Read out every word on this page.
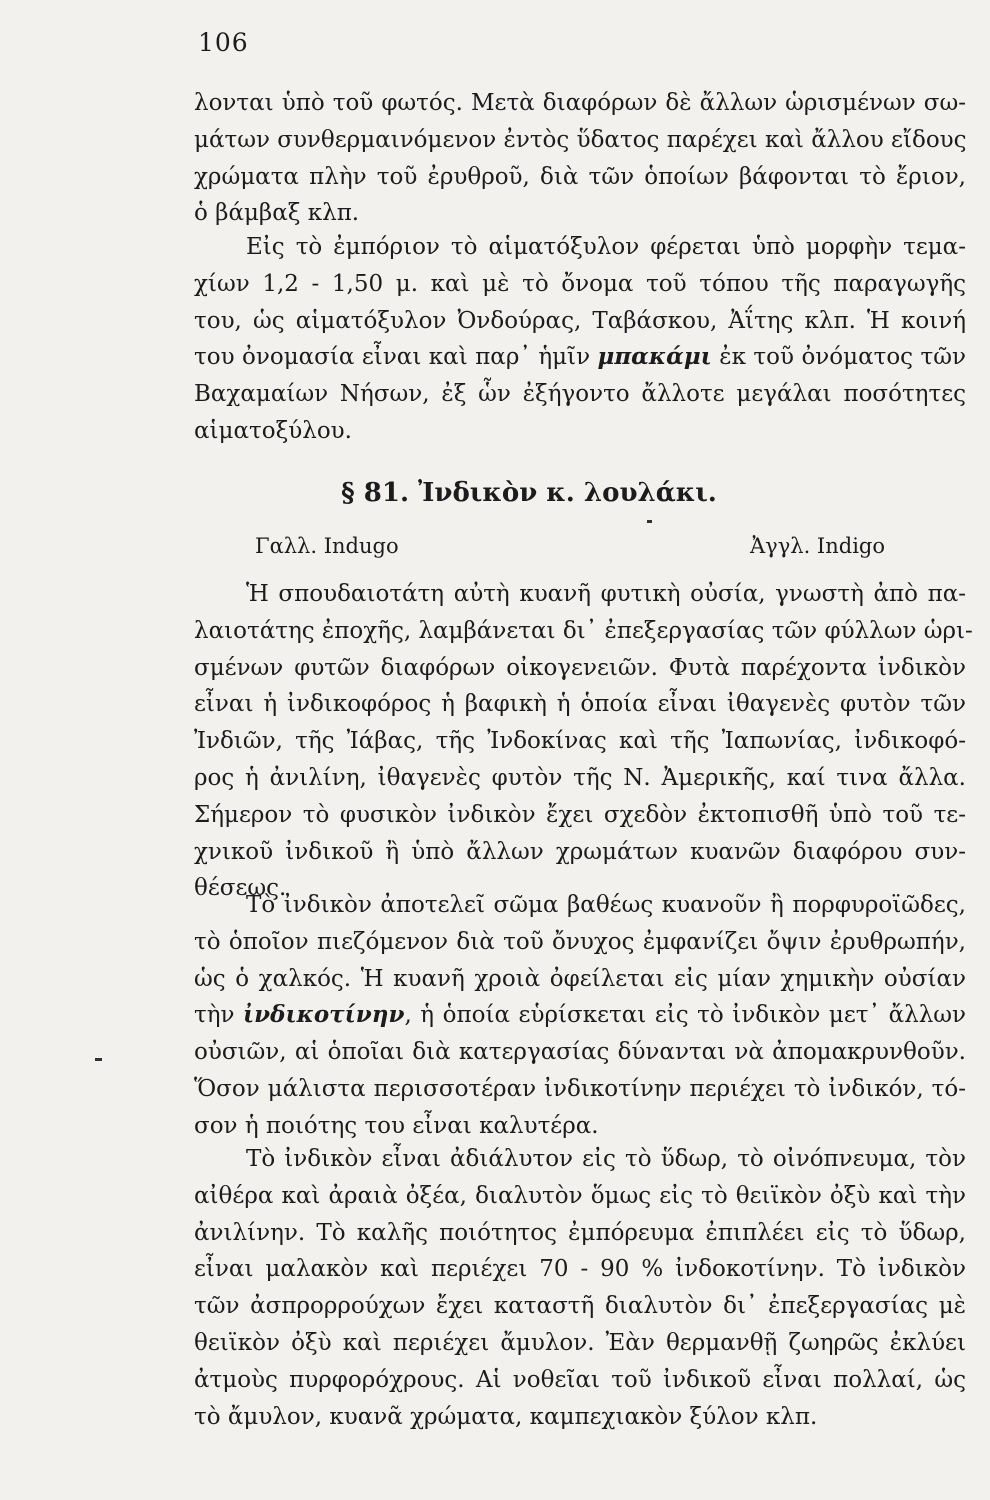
106
λονται ὑπὸ τοῦ φωτός. Μετὰ διαφόρων δὲ ἄλλων ὡρισμένων σω-
μάτων συνθερμαινόμενον ἐντὸς ὕδατος παρέχει καὶ ἄλλου εἴδους
χρώματα πλὴν τοῦ ἐρυθροῦ, διὰ τῶν ὁποίων βάφονται τὸ ἔριον,
ὁ βάμβαξ κλπ.
Εἰς τὸ ἐμπόριον τὸ αἱματόξυλον φέρεται ὑπὸ μορφὴν τεμα-
χίων 1,2 - 1,50 μ. καὶ μὲ τὸ ὄνομα τοῦ τόπου τῆς παραγωγῆς
του, ὡς αἱματόξυλον Ὀνδούρας, Ταβάσκου, Ἀΐτης κλπ. Ἡ κοινή
του ὀνομασία εἶναι καὶ παρ᾽ ἡμῖν μπακάμι ἐκ τοῦ ὀνόματος τῶν
Βαχαμαίων Νήσων, ἐξ ὧν ἐξήγοντο ἄλλοτε μεγάλαι ποσότητες
αἱματοξύλου.
§ 81. Ἰνδικὸν κ. λουλάκι.
Γαλλ. Indugo	Ἀγγλ. Indigo
Ἡ σπουδαιοτάτη αὐτὴ κυανῆ φυτικὴ οὐσία, γνωστὴ ἀπὸ πα-
λαιοτάτης ἐποχῆς, λαμβάνεται δι᾽ ἐπεξεργασίας τῶν φύλλων ὡρι-
σμένων φυτῶν διαφόρων οἰκογενειῶν. Φυτὰ παρέχοντα ἰνδικὸν
εἶναι ἡ ἰνδικοφόρος ἡ βαφικὴ ἡ ὁποία εἶναι ἰθαγενὲς φυτὸν τῶν
Ἰνδιῶν, τῆς Ἰάβας, τῆς Ἰνδοκίνας καὶ τῆς Ἰαπωνίας, ἰνδικοφό-
ρος ἡ ἀνιλίνη, ἰθαγενὲς φυτὸν τῆς Ν. Ἀμερικῆς, καί τινα ἄλλα.
Σήμερον τὸ φυσικὸν ἰνδικὸν ἔχει σχεδὸν ἐκτοπισθῆ ὑπὸ τοῦ τε-
χνικοῦ ἰνδικοῦ ἢ ὑπὸ ἄλλων χρωμάτων κυανῶν διαφόρου συν-
θέσεως.
Τὸ ἰνδικὸν ἀποτελεῖ σῶμα βαθέως κυανοῦν ἢ πορφυροϊῶδες,
τὸ ὁποῖον πιεζόμενον διὰ τοῦ ὄνυχος ἐμφανίζει ὄψιν ἐρυθρωπήν,
ὡς ὁ χαλκός. Ἡ κυανῆ χροιὰ ὀφείλεται εἰς μίαν χημικὴν οὐσίαν
τὴν ἰνδικοτίνην, ἡ ὁποία εὑρίσκεται εἰς τὸ ἰνδικὸν μετ᾽ ἄλλων
οὐσιῶν, αἱ ὁποῖαι διὰ κατεργασίας δύνανται νὰ ἀπομακρυνθοῦν.
Ὅσον μάλιστα περισσοτέραν ἰνδικοτίνην περιέχει τὸ ἰνδικόν, τό-
σον ἡ ποιότης του εἶναι καλυτέρα.
Τὸ ἰνδικὸν εἶναι ἀδιάλυτον εἰς τὸ ὕδωρ, τὸ οἰνόπνευμα, τὸν
αἰθέρα καὶ ἀραιὰ ὀξέα, διαλυτὸν ὅμως εἰς τὸ θειϊκὸν ὀξὺ καὶ τὴν
ἀνιλίνην. Τὸ καλῆς ποιότητος ἐμπόρευμα ἐπιπλέει εἰς τὸ ὕδωρ,
εἶναι μαλακὸν καὶ περιέχει 70 - 90 % ἰνδοκοτίνην. Τὸ ἰνδικὸν
τῶν ἀσπρορρούχων ἔχει καταστῆ διαλυτὸν δι᾽ ἐπεξεργασίας μὲ
θειϊκὸν ὀξὺ καὶ περιέχει ἄμυλον. Ἐὰν θερμανθῇ ζωηρῶς ἐκλύει
ἀτμοὺς πυρφορόχρους. Αἱ νοθεῖαι τοῦ ἰνδικοῦ εἶναι πολλαί, ὡς
τὸ ἄμυλον, κυανᾶ χρώματα, καμπεχιακὸν ξύλον κλπ.
